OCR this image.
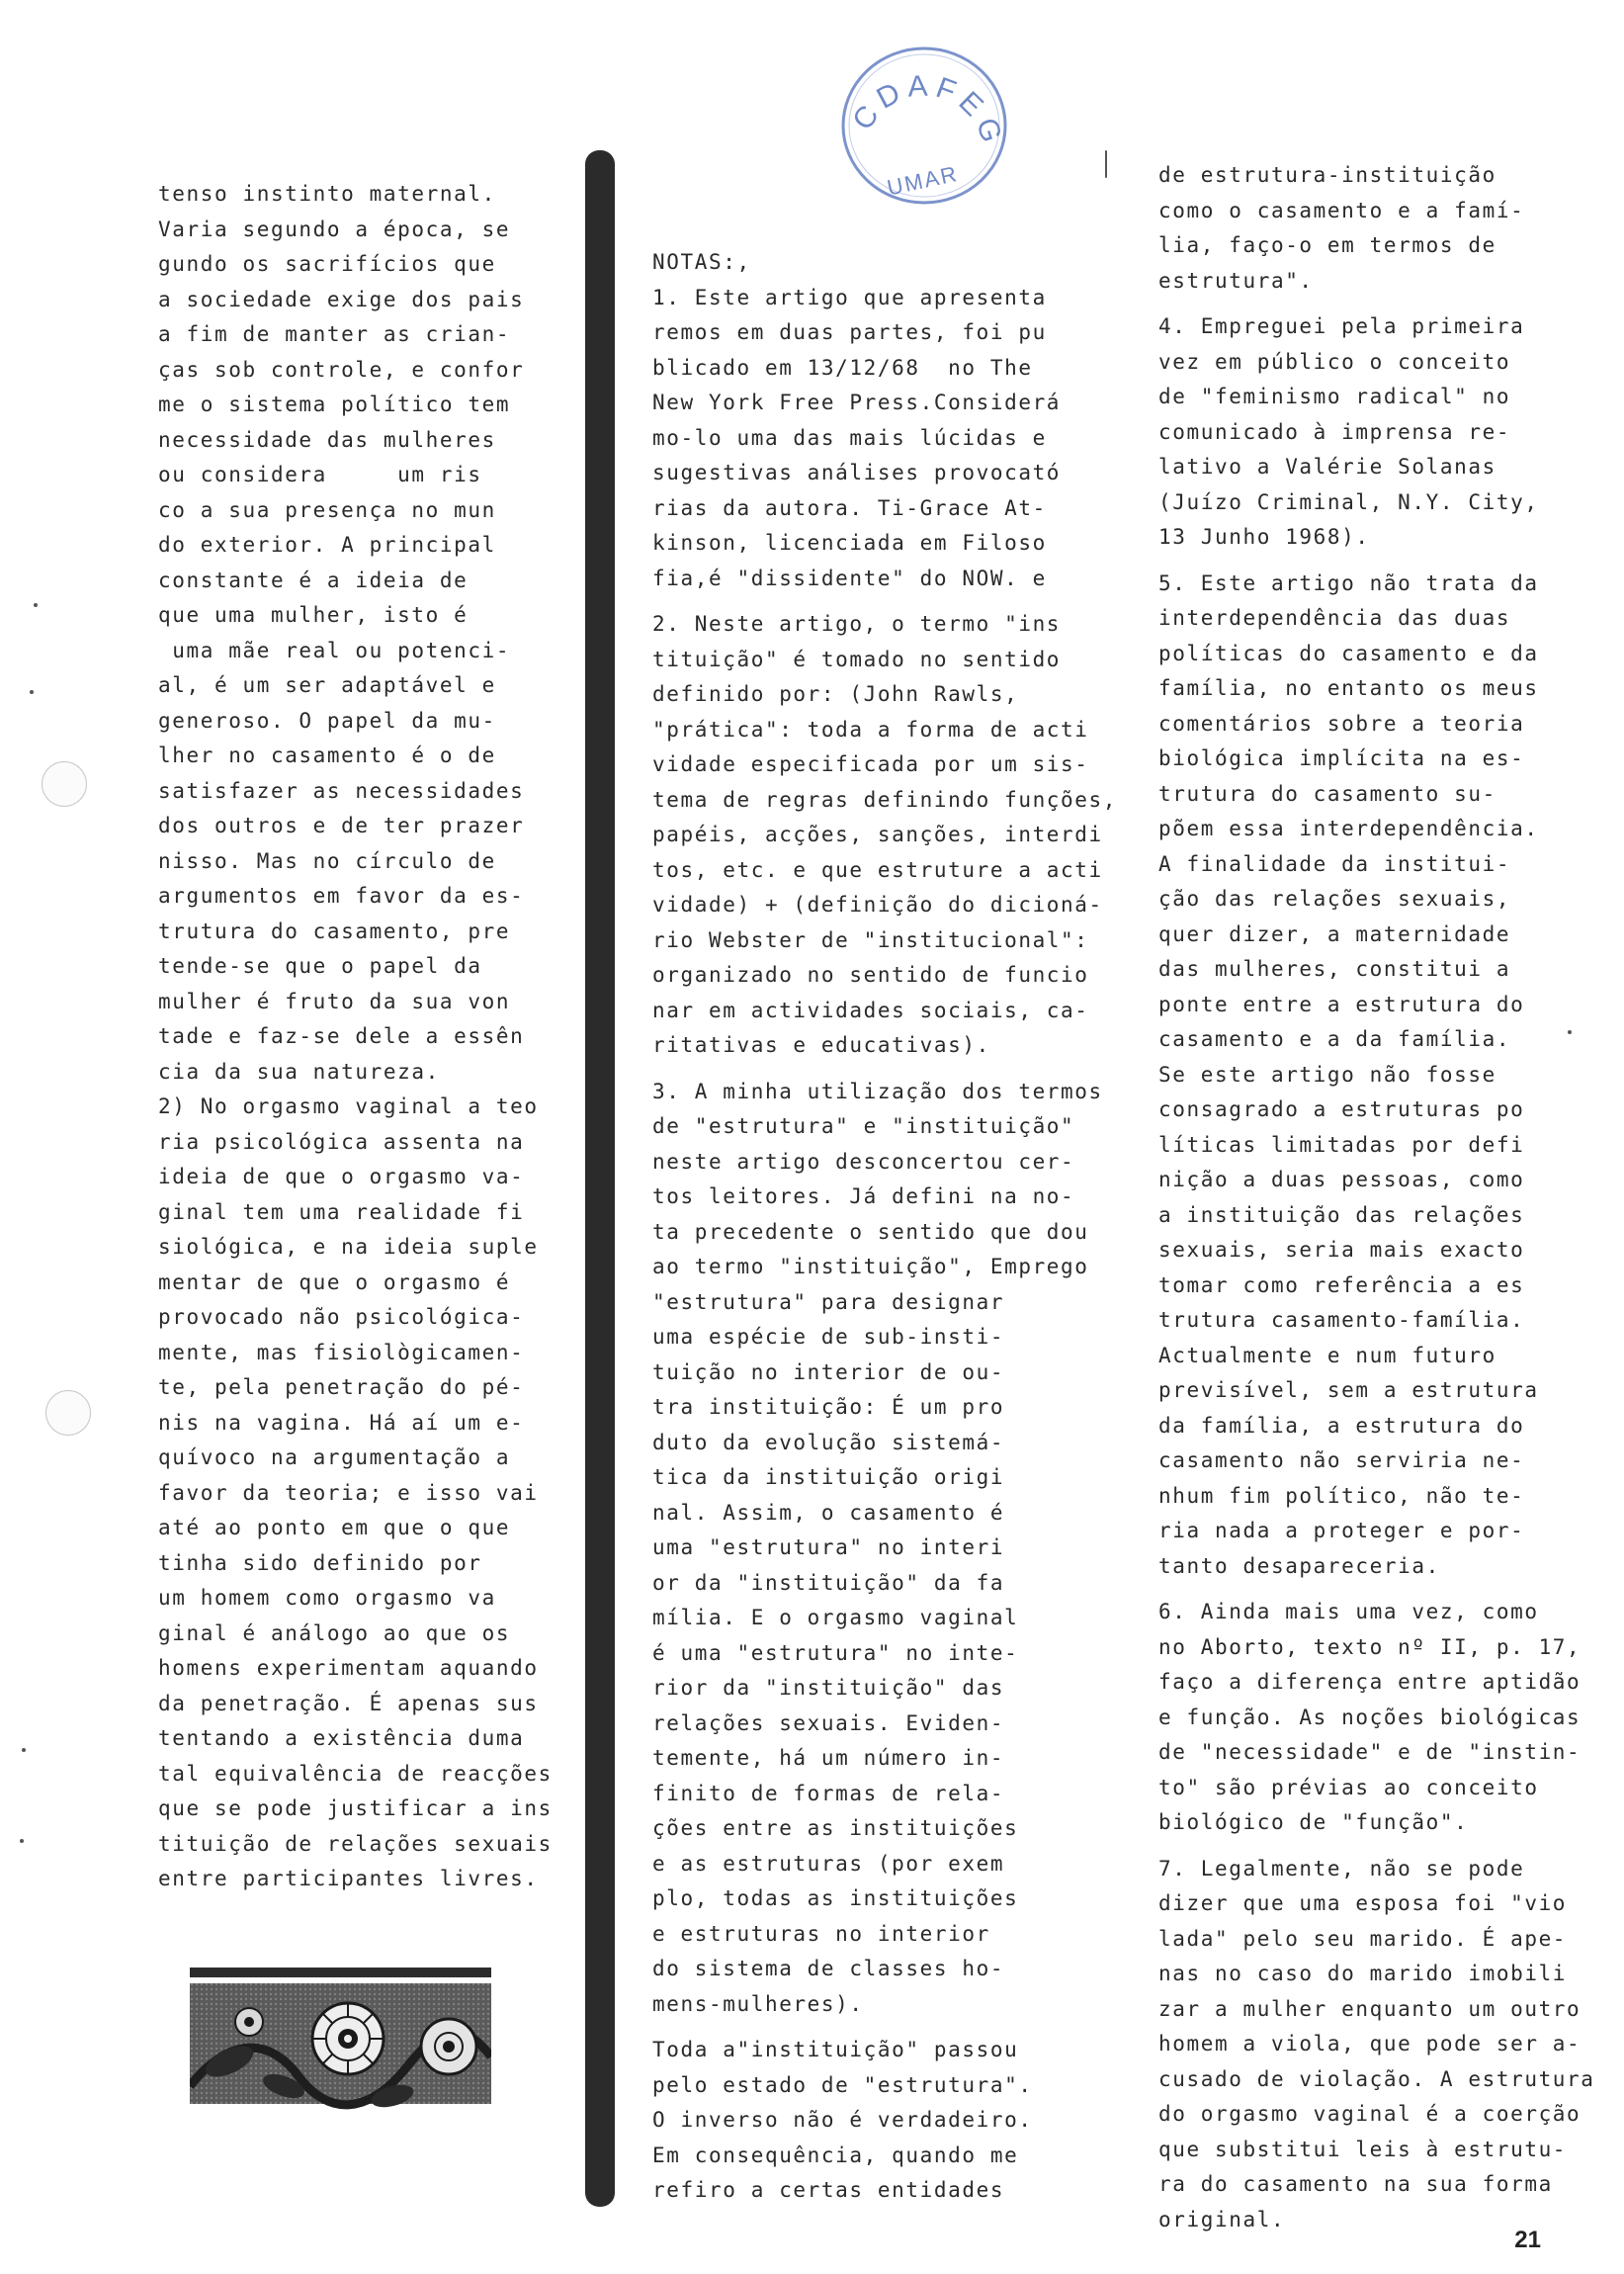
CDAFEG
UMAR
tenso instinto maternal.
Varia segundo a época, se
gundo os sacrifícios que
a sociedade exige dos pais
a fim de manter as crian-
ças sob controle, e confor
me o sistema político tem
necessidade das mulheres
ou considera     um ris
co a sua presença no mun
do exterior. A principal
constante é a ideia de
que uma mulher, isto é
uma mãe real ou potenci-
al, é um ser adaptável e
generoso. O papel da mu-
lher no casamento é o de
satisfazer as necessidades
dos outros e de ter prazer
nisso. Mas no círculo de
argumentos em favor da es-
trutura do casamento, pre
tende-se que o papel da
mulher é fruto da sua von
tade e faz-se dele a essên
cia da sua natureza.
2) No orgasmo vaginal a teo
ria psicológica assenta na
ideia de que o orgasmo va-
ginal tem uma realidade fi
siológica, e na ideia suple
mentar de que o orgasmo é
provocado não psicológica-
mente, mas fisiològicamen-
te, pela penetração do pé-
nis na vagina. Há aí um e-
quívoco na argumentação a
favor da teoria; e isso vai
até ao ponto em que o que
tinha sido definido por
um homem como orgasmo va
ginal é análogo ao que os
homens experimentam aquando
da penetração. É apenas sus
tentando a existência duma
tal equivalência de reacções
que se pode justificar a ins
tituição de relações sexuais
entre participantes livres.
NOTAS:,
1. Este artigo que apresenta
remos em duas partes, foi pu
blicado em 13/12/68  no The
New York Free Press.Considerá
mo-lo uma das mais lúcidas e
sugestivas análises provocató
rias da autora. Ti-Grace At-
kinson, licenciada em Filoso
fia,é "dissidente" do NOW. e
2. Neste artigo, o termo "ins
tituição" é tomado no sentido
definido por: (John Rawls,
"prática": toda a forma de acti
vidade especificada por um sis-
tema de regras definindo funções,
papéis, acções, sanções, interdi
tos, etc. e que estruture a acti
vidade) + (definição do dicioná-
rio Webster de "institucional":
organizado no sentido de funcio
nar em actividades sociais, ca-
ritativas e educativas).
3. A minha utilização dos termos
de "estrutura" e "instituição"
neste artigo desconcertou cer-
tos leitores. Já defini na no-
ta precedente o sentido que dou
ao termo "instituição", Emprego
"estrutura" para designar
uma espécie de sub-insti-
tuição no interior de ou-
tra instituição: É um pro
duto da evolução sistemá-
tica da instituição origi
nal. Assim, o casamento é
uma "estrutura" no interi
or da "instituição" da fa
mília. E o orgasmo vaginal
é uma "estrutura" no inte-
rior da "instituição" das
relações sexuais. Eviden-
temente, há um número in-
finito de formas de rela-
ções entre as instituições
e as estruturas (por exem
plo, todas as instituições
e estruturas no interior
do sistema de classes ho-
mens-mulheres).
Toda a"instituição" passou
pelo estado de "estrutura".
O inverso não é verdadeiro.
Em consequência, quando me
refiro a certas entidades
de estrutura-instituição
como o casamento e a famí-
lia, faço-o em termos de
estrutura".
4. Empreguei pela primeira
vez em público o conceito
de "feminismo radical" no
comunicado à imprensa re-
lativo a Valérie Solanas
(Juízo Criminal, N.Y. City,
13 Junho 1968).
5. Este artigo não trata da
interdependência das duas
políticas do casamento e da
família, no entanto os meus
comentários sobre a teoria
biológica implícita na es-
trutura do casamento su-
põem essa interdependência.
A finalidade da institui-
ção das relações sexuais,
quer dizer, a maternidade
das mulheres, constitui a
ponte entre a estrutura do
casamento e a da família.
Se este artigo não fosse
consagrado a estruturas po
líticas limitadas por defi
nição a duas pessoas, como
a instituição das relações
sexuais, seria mais exacto
tomar como referência a es
trutura casamento-família.
Actualmente e num futuro
previsível, sem a estrutura
da família, a estrutura do
casamento não serviria ne-
nhum fim político, não te-
ria nada a proteger e por-
tanto desapareceria.
6. Ainda mais uma vez, como
no Aborto, texto nº II, p. 17,
faço a diferença entre aptidão
e função. As noções biológicas
de "necessidade" e de "instin-
to" são prévias ao conceito
biológico de "função".
7. Legalmente, não se pode
dizer que uma esposa foi "vio
lada" pelo seu marido. É ape-
nas no caso do marido imobili
zar a mulher enquanto um outro
homem a viola, que pode ser a-
cusado de violação. A estrutura
do orgasmo vaginal é a coerção
que substitui leis à estrutu-
ra do casamento na sua forma
original.
21
